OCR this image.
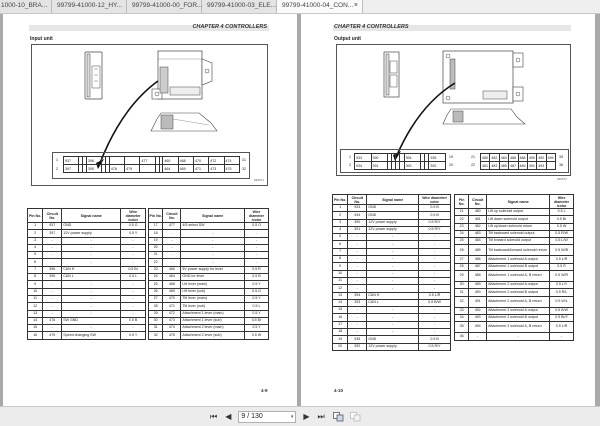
1000-10_BRA...	99799-41000-12_HY...	99799-41000-00_FOR... 99799-41000-03_ELE... 99799-41000-04_CON... ×
CHAPTER 4 CONTROLLERS
Input unit
1
2
937			396					477			460	468	470	472	474
397			395			476	479				464	469	471	473	475
31
32
990571
Pin No.	Circuit No.	Signal name	Wire diameter /color
1	937	GND	0.5 G
2	397	12V power supply	0.5 Y
3	-	-	-
4	-	-	-
5	-	-	-
6	-	-	-
7	396	CAN H	0.5 Br
8	395	CAN L	0.5 L
9	-	-	-
10	-	-	-
11	-	-	-
12	-	-	-
13	-	-	-
14	476	SW GND	0.5 B
15	-	-	-
16	479	Speed changing SW	0.5 Y
Pin No.	Circuit No.	Signal name	Wire diameter /color
17	477	4/5 select SW	0.5 O
18	-	-	-
19	-	-	-
20	-	-	-
21	-	-	-
22	-	-	-
23	460	5V power supply for lever	0.5 R
24	464	GND for lever	0.5 B
25	468	Lift lever (main)	0.5 Y
26	469	Lift lever (sub)	0.5 G
27	470	Tilt lever (main)	0.5 Y
28	471	Tilt lever (sub)	0.5 L
29	472	Attachment 1 lever (main)	0.5 Y
30	473	Attachment 1 lever (sub)	0.5 Br
31	474	Attachment 2 lever (main)	0.5 Y
32	475	Attachment 2 lever (sub)	0.5 W
4-9
CHAPTER 4 CONTROLLERS
Output unit
1
2
933	390					394			935
934	391					393			392
19
20
21
22
480	482	484	486	488	490	492	494
481	483	485	487	489	491	493	
35
36
990572
Pin No.	Circuit No.	Signal name	Wire diameter/ color
1	933	GND	0.5 B
2	934	GND	0.5 B
3	390	12V power supply	0.5 R/Y
4	391	12V power supply	0.5 R/Y
5	-	-	-
6	-	-	-
7	-	-	-
8	-	-	-
9	-	-	-
10	-	-	-
11	-	-	-
12	-	-	-
13	394	CAN H	0.5 L/R
14	393	CAN L	0.5 B/W
15	-	-	-
16	-	-	-
17	-	-	-
18	-	-	-
19	935	GND	0.5 B
20	392	12V power supply	0.5 R/Y
Pin No.	Circuit No.	Signal name	Wire diameter /color
21	480	Lift up solenoid output	0.5 L
22	481	Lift down solenoid output	0.5 Br
23	482	Lift up/down solenoid return	0.5 W
24	483	Tilt backward solenoid output	0.5 R/W
25	484	Tilt forward solenoid output	0.5 L/W
26	485	Tilt backward/forward solenoid return	0.5 W/B
27	486	Attachment 1 solenoid A output	0.5 L/R
28	487	Attachment 1 solenoid B output	0.5 R
29	488	Attachment 1 solenoid A, B return	0.5 W/R
30	489	Attachment 2 solenoid A output	0.5 L/Y
31	490	Attachment 2 solenoid B output	0.5 R/L
32	491	Attachment 2 solenoid A, B return	0.5 W/L
33	492	Attachment 3 solenoid A output	0.5 B/W
34	493	Attachment 3 solenoid B output	0.5 Br/Y
35	494	Attachment 3 solenoid A, B return	0.5 L/R
36	-	-	-
4-10
⏮ ◀	9 / 130	▾ ▶ ⏭
